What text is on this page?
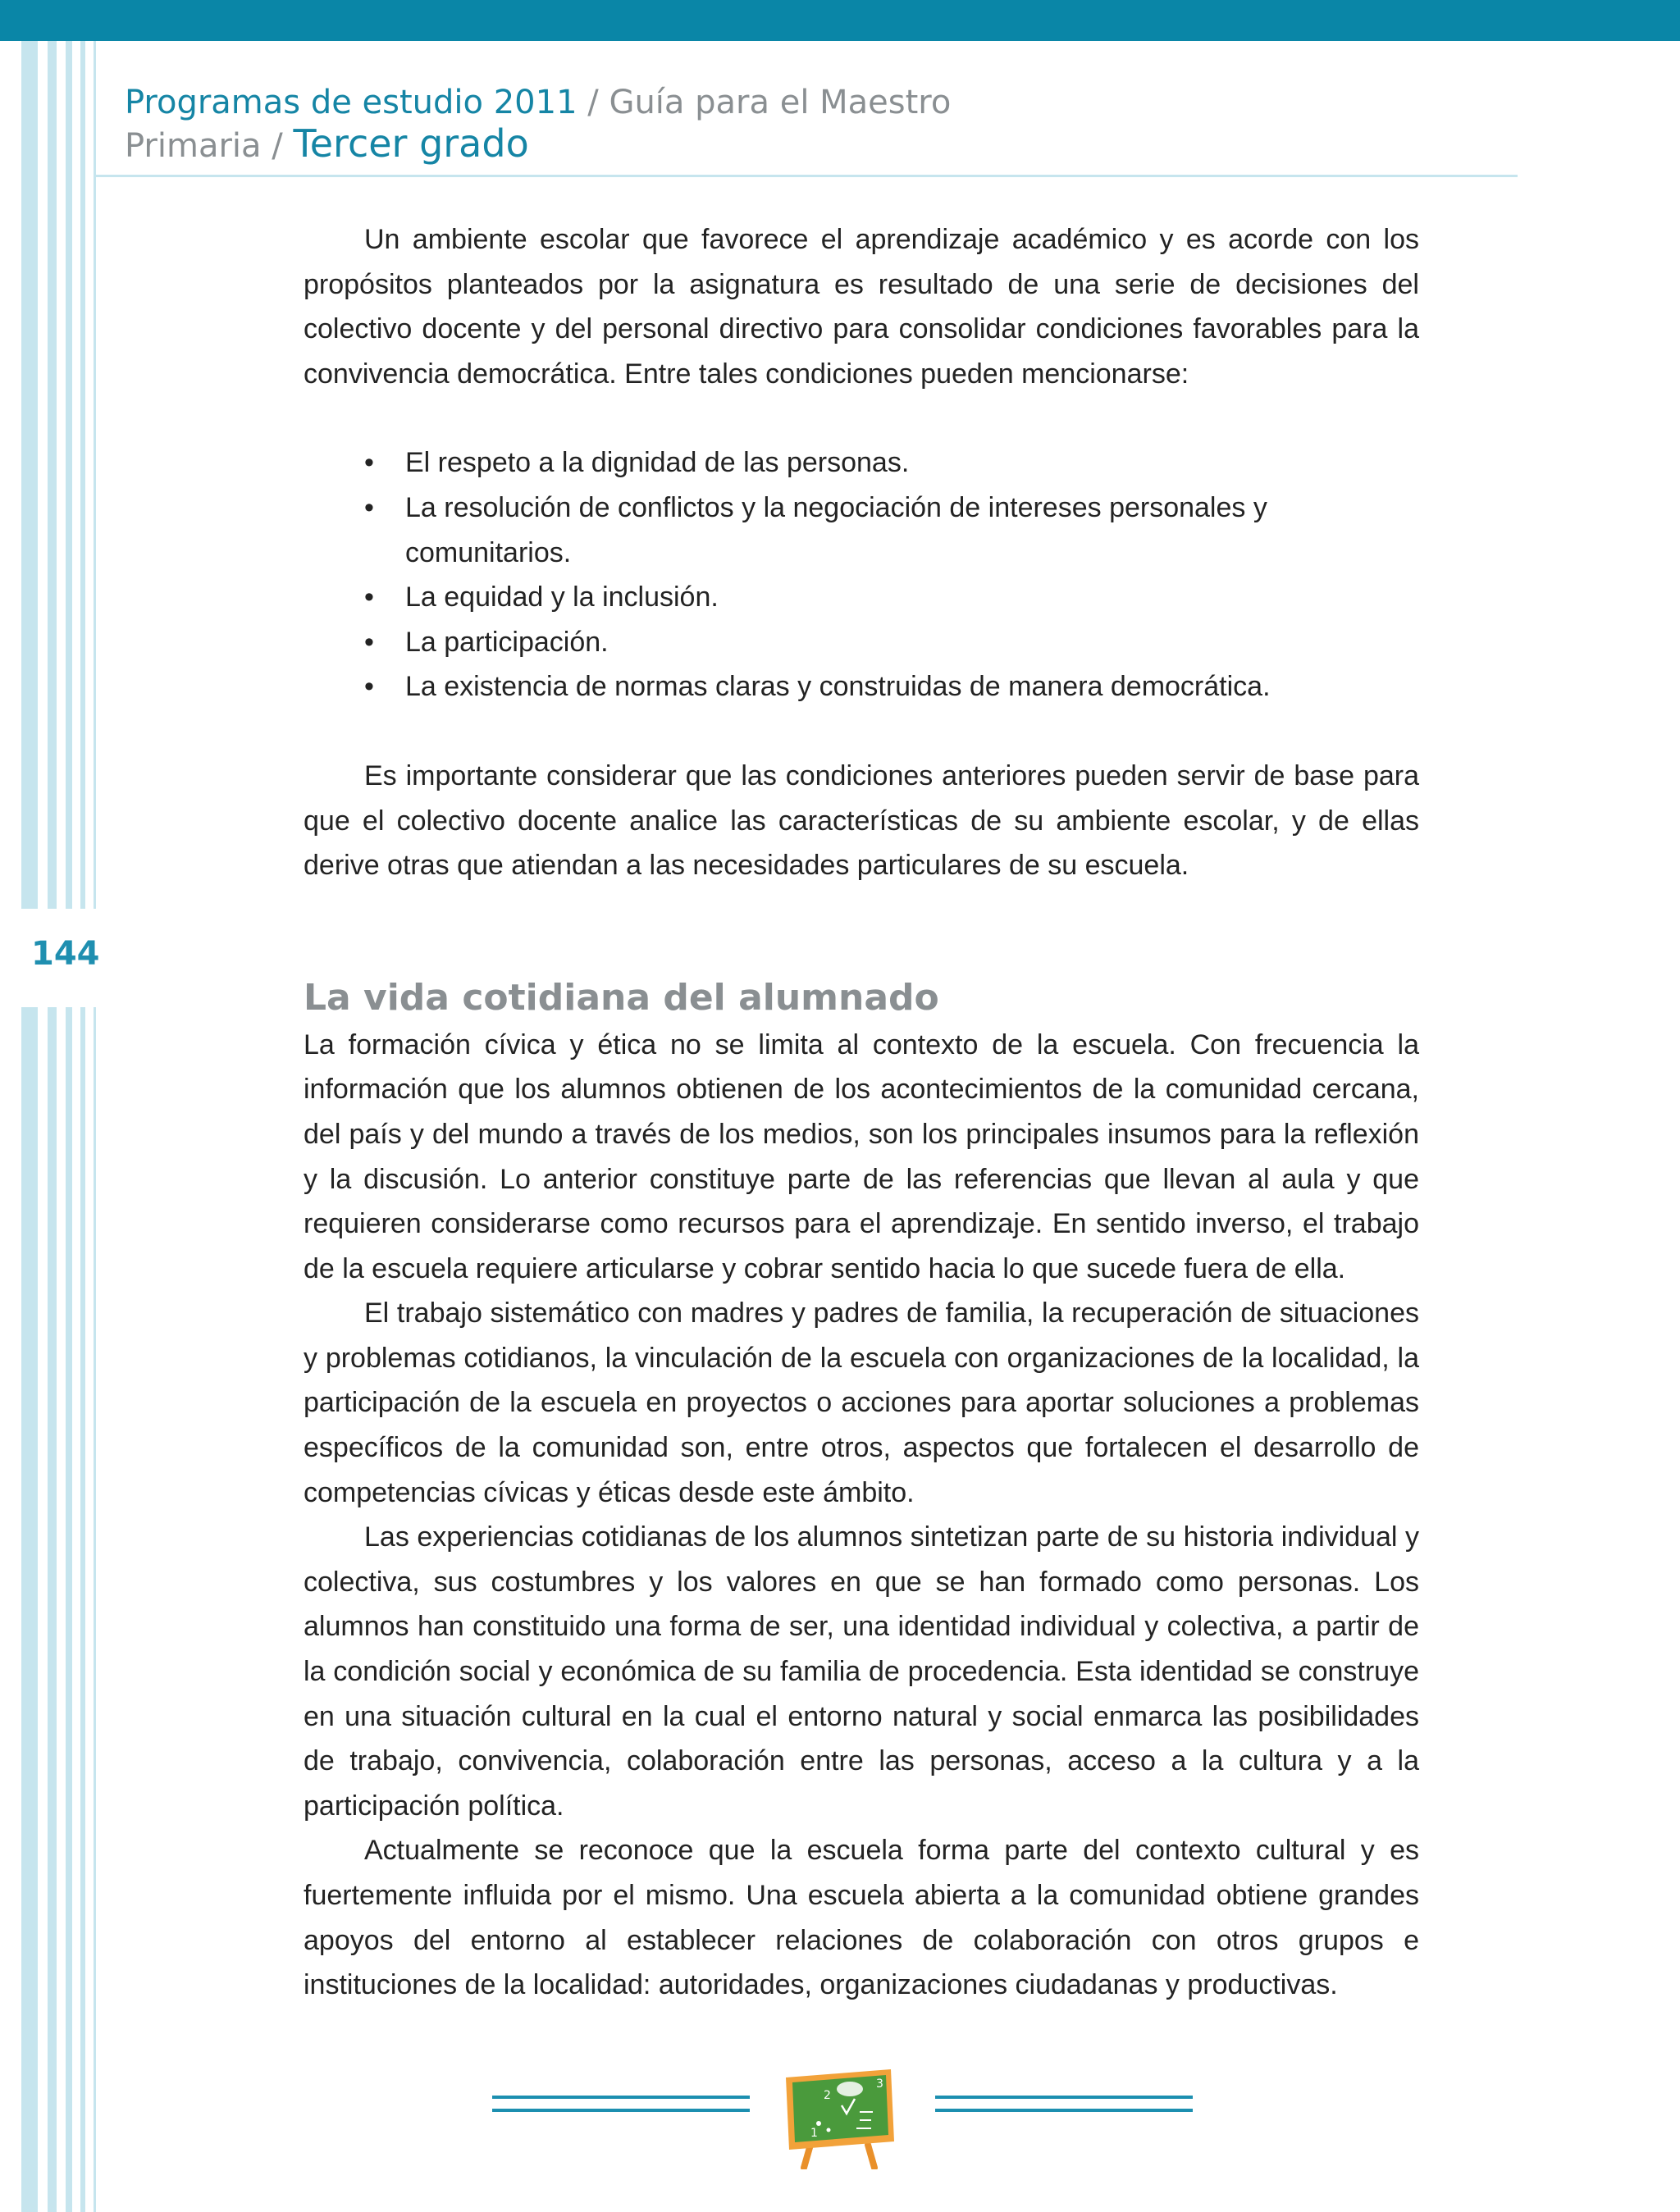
144
Programas de estudio 2011 / Guía para el Maestro
Primaria / Tercer grado

Un ambiente escolar que favorece el aprendizaje académico y es acorde con los propósitos planteados por la asignatura es resultado de una serie de decisiones del colectivo docente y del personal directivo para consolidar condiciones favorables para la convivencia democrática. Entre tales condiciones pueden mencionarse:

• El respeto a la dignidad de las personas.
• La resolución de conflictos y la negociación de intereses personales y comunitarios.
• La equidad y la inclusión.
• La participación.
• La existencia de normas claras y construidas de manera democrática.

Es importante considerar que las condiciones anteriores pueden servir de base para que el colectivo docente analice las características de su ambiente escolar, y de ellas derive otras que atiendan a las necesidades particulares de su escuela.

La vida cotidiana del alumnado

La formación cívica y ética no se limita al contexto de la escuela. Con frecuencia la información que los alumnos obtienen de los acontecimientos de la comunidad cercana, del país y del mundo a través de los medios, son los principales insumos para la reflexión y la discusión. Lo anterior constituye parte de las referencias que llevan al aula y que requieren considerarse como recursos para el aprendizaje. En sentido inverso, el trabajo de la escuela requiere articularse y cobrar sentido hacia lo que sucede fuera de ella.

El trabajo sistemático con madres y padres de familia, la recuperación de situaciones y problemas cotidianos, la vinculación de la escuela con organizaciones de la localidad, la participación de la escuela en proyectos o acciones para aportar soluciones a problemas específicos de la comunidad son, entre otros, aspectos que fortalecen el desarrollo de competencias cívicas y éticas desde este ámbito.

Las experiencias cotidianas de los alumnos sintetizan parte de su historia individual y colectiva, sus costumbres y los valores en que se han formado como personas. Los alumnos han constituido una forma de ser, una identidad individual y colectiva, a partir de la condición social y económica de su familia de procedencia. Esta identidad se construye en una situación cultural en la cual el entorno natural y social enmarca las posibilidades de trabajo, convivencia, colaboración entre las personas, acceso a la cultura y a la participación política.

Actualmente se reconoce que la escuela forma parte del contexto cultural y es fuertemente influida por el mismo. Una escuela abierta a la comunidad obtiene grandes apoyos del entorno al establecer relaciones de colaboración con otros grupos e instituciones de la localidad: autoridades, organizaciones ciudadanas y productivas.

3
2
1
